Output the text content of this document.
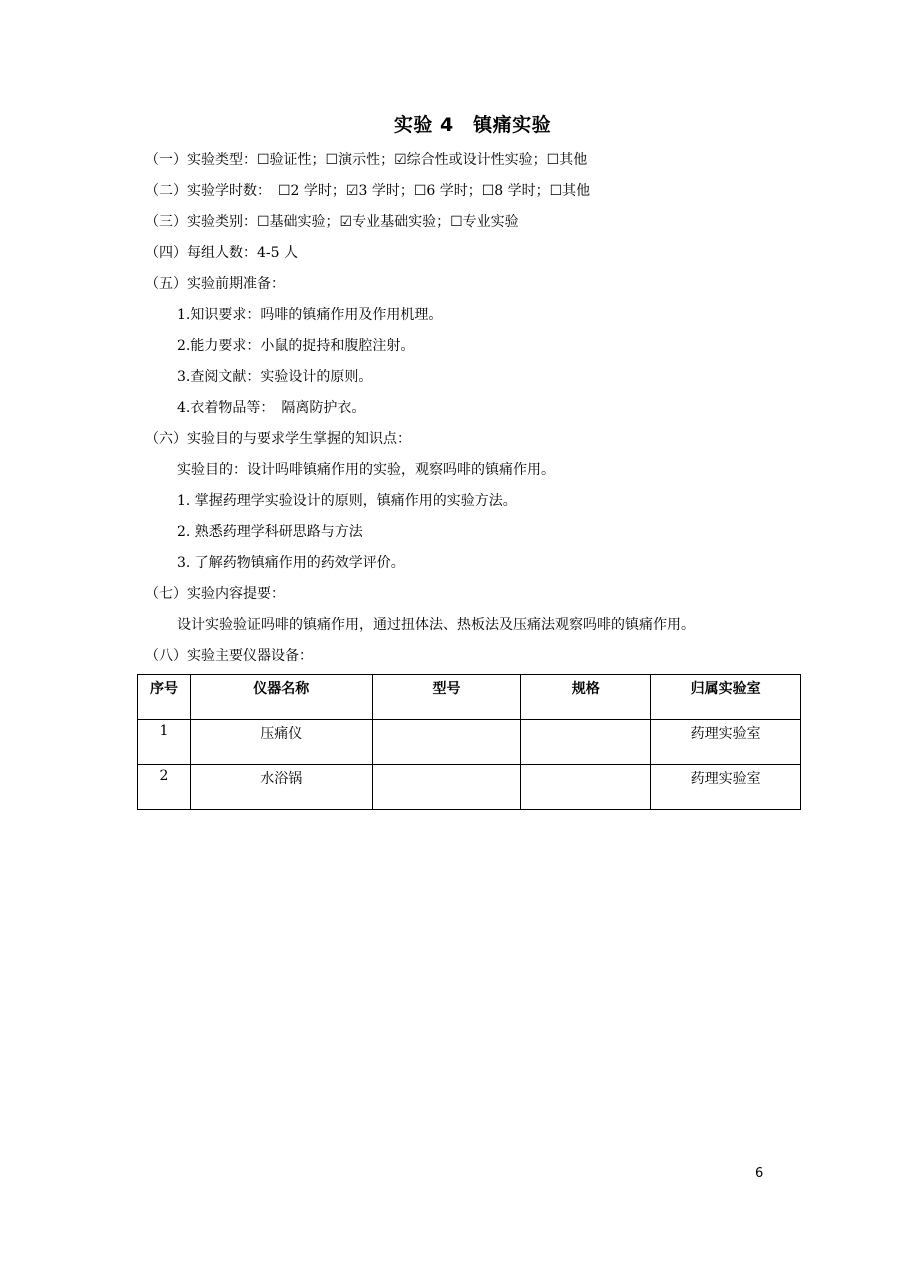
实验 4　镇痛实验
（一）实验类型：☐验证性；☐演示性；☑综合性或设计性实验；☐其他
（二）实验学时数：　☐2 学时；☑3 学时；☐6 学时；☐8 学时；☐其他
（三）实验类别：☐基础实验；☑专业基础实验；☐专业实验
（四）每组人数：4-5 人
（五）实验前期准备：
1.知识要求：吗啡的镇痛作用及作用机理。
2.能力要求：小鼠的捉持和腹腔注射。
3.查阅文献：实验设计的原则。
4.衣着物品等：　隔离防护衣。
（六）实验目的与要求学生掌握的知识点：
实验目的：设计吗啡镇痛作用的实验，观察吗啡的镇痛作用。
1. 掌握药理学实验设计的原则，镇痛作用的实验方法。
2. 熟悉药理学科研思路与方法
3. 了解药物镇痛作用的药效学评价。
（七）实验内容提要：
设计实验验证吗啡的镇痛作用，通过扭体法、热板法及压痛法观察吗啡的镇痛作用。
（八）实验主要仪器设备：
序号	仪器名称	型号	规格	归属实验室
1	压痛仪			药理实验室
2	水浴锅			药理实验室
6
